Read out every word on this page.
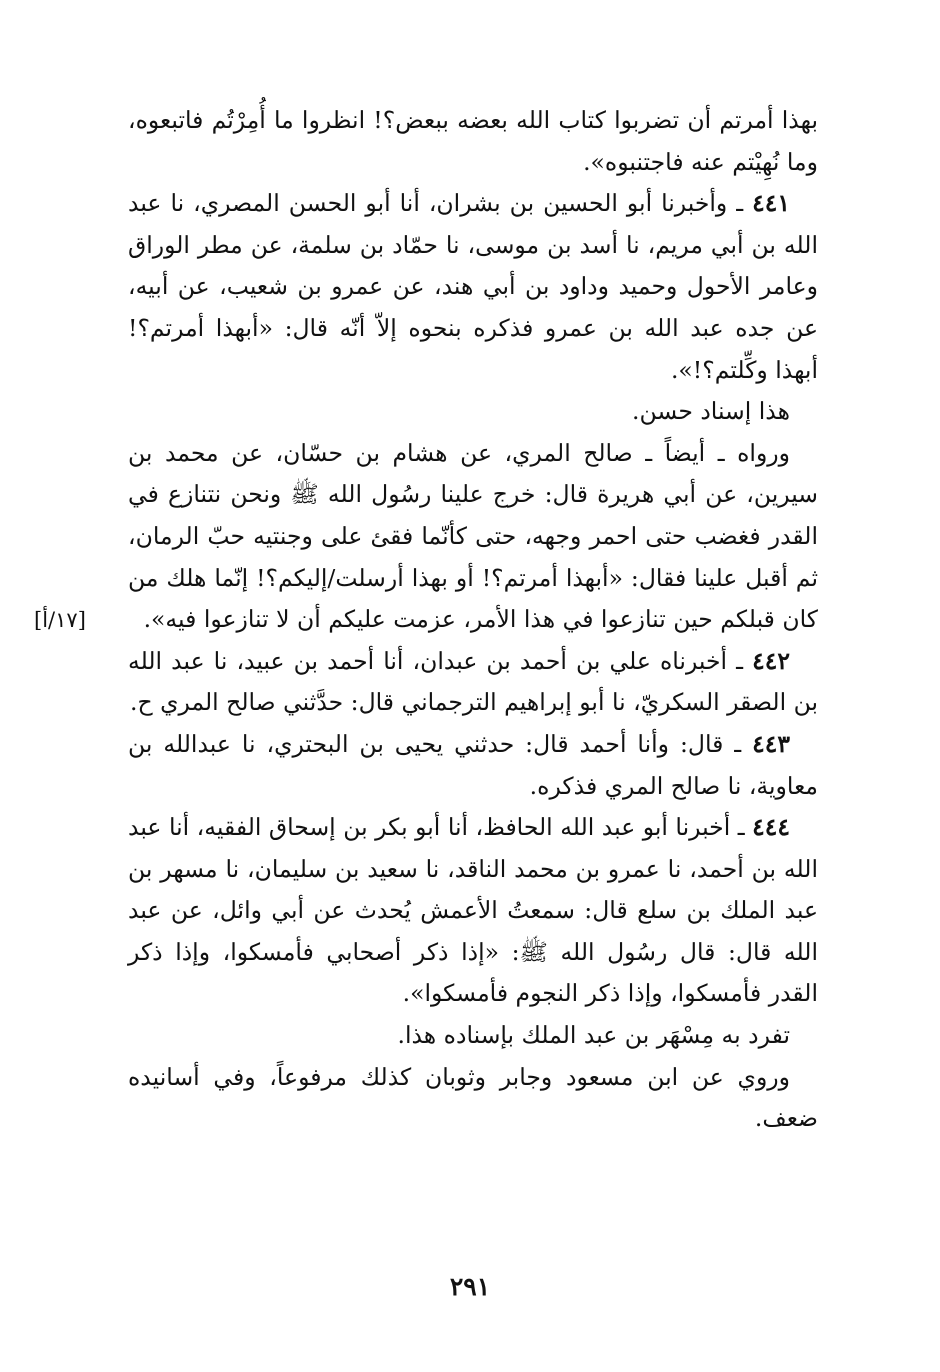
بهذا أمرتم أن تضربوا كتاب الله بعضه ببعض؟! انظروا ما أُمِرْتُم فاتبعوه، وما نُهِيْتم عنه فاجتنبوه».

٤٤١ ـ وأخبرنا أبو الحسين بن بشران، أنا أبو الحسن المصري، نا عبد الله بن أبي مريم، نا أسد بن موسى، نا حمّاد بن سلمة، عن مطر الوراق وعامر الأحول وحميد وداود بن أبي هند، عن عمرو بن شعيب، عن أبيه، عن جده عبد الله بن عمرو فذكره بنحوه إلاّ أنّه قال: «أبهذا أمرتم؟! أبهذا وكِّلتم؟!».

هذا إسناد حسن.

ورواه ـ أيضاً ـ صالح المري، عن هشام بن حسّان، عن محمد بن سيرين، عن أبي هريرة قال: خرج علينا رسُول الله ﷺ ونحن نتنازع في القدر فغضب حتى احمر وجهه، حتى كأنّما فقئ على وجنتيه حبّ الرمان، ثم أقبل علينا فقال: «أبهذا أمرتم؟! أو بهذا أرسلت/إليكم؟! إنّما هلك من كان قبلكم حين تنازعوا في هذا الأمر، عزمت عليكم أن لا تنازعوا فيه».

٤٤٢ ـ أخبرناه علي بن أحمد بن عبدان، أنا أحمد بن عبيد، نا عبد الله بن الصقر السكريّ، نا أبو إبراهيم الترجماني قال: حدَّثني صالح المري ح.

٤٤٣ ـ قال: وأنا أحمد قال: حدثني يحيى بن البحتري، نا عبدالله بن معاوية، نا صالح المري فذكره.

٤٤٤ ـ أخبرنا أبو عبد الله الحافظ، أنا أبو بكر بن إسحاق الفقيه، أنا عبد الله بن أحمد، نا عمرو بن محمد الناقد، نا سعيد بن سليمان، نا مسهر بن عبد الملك بن سلع قال: سمعتُ الأعمش يُحدث عن أبي وائل، عن عبد الله قال: قال رسُول الله ﷺ: «إذا ذكر أصحابي فأمسكوا، وإذا ذكر القدر فأمسكوا، وإذا ذكر النجوم فأمسكوا».

تفرد به مِسْهَر بن عبد الملك بإسناده هذا.

وروي عن ابن مسعود وجابر وثوبان كذلك مرفوعاً، وفي أسانيده ضعف.

[١٧/أ]
٢٩١
